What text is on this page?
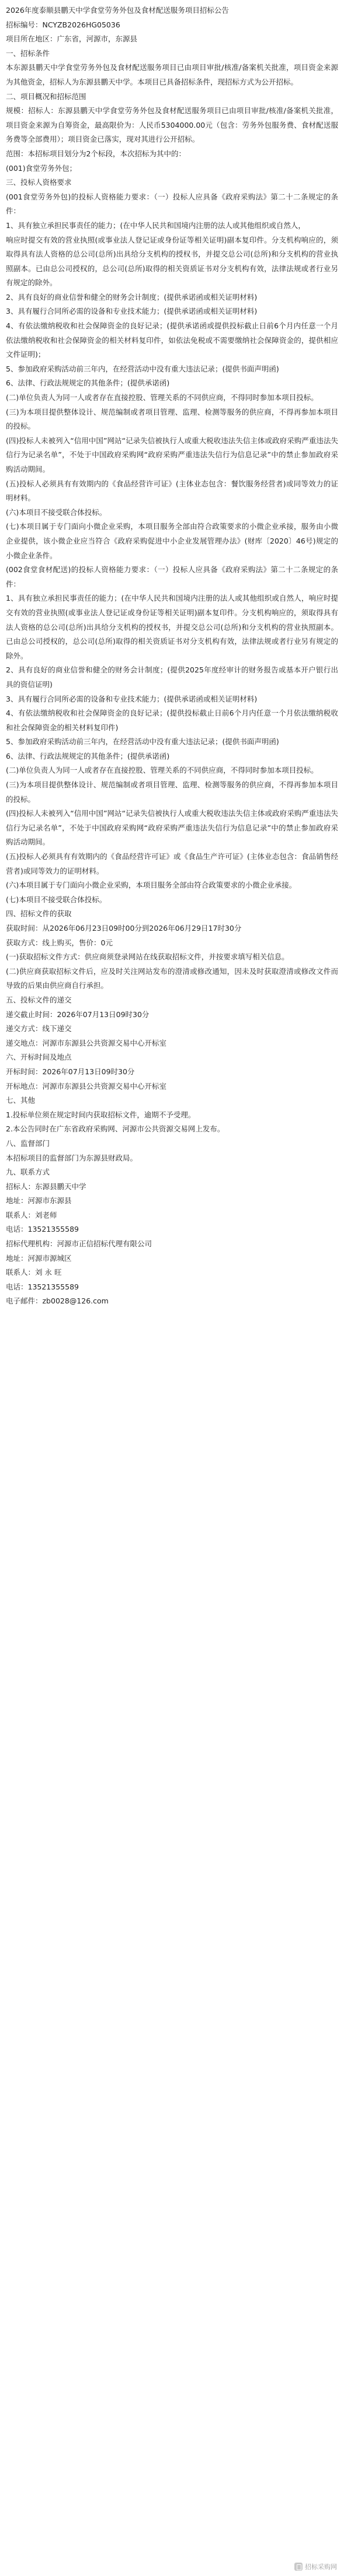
2026年度泰顺县鹏天中学食堂劳务外包及食材配送服务项目招标公告

招标编号：NCYZB2026HG05036

项目所在地区：广东省，河源市，东源县

一、招标条件

本东源县鹏天中学食堂劳务外包及食材配送服务项目已由项目审批/核准/备案机关批准，项目资金来源为其他资金，招标人为东源县鹏天中学。本项目已具备招标条件，现招标方式为公开招标。

二、项目概况和招标范围

规模：招标人：东源县鹏天中学食堂劳务外包及食材配送服务项目已由项目审批/核准/备案机关批准，项目资金来源为自筹资金，最高限价为：人民币5304000.00元（包含：劳务外包服务费、食材配送服务费等全部费用）；项目资金已落实，现对其进行公开招标。

范围：本招标项目划分为2个标段，本次招标为其中的：

(001)食堂劳务外包；

三、投标人资格要求

(001食堂劳务外包)的投标人资格能力要求：（一）投标人应具备《政府采购法》第二十二条规定的条件：

1、具有独立承担民事责任的能力；(在中华人民共和国境内注册的法人或其他组织或自然人，

响应时提交有效的营业执照(或事业法人登记证或身份证等相关证明)副本复印件。分支机构响应的，须取得具有法人资格的总公司(总所)出具给分支机构的授权书，并提交总公司(总所)和分支机构的营业执照副本。已由总公司授权的，总公司(总所)取得的相关资质证书对分支机构有效，法律法规或者行业另有规定的除外。

2、具有良好的商业信誉和健全的财务会计制度；(提供承诺函或相关证明材料)

3、具有履行合同所必需的设备和专业技术能力；(提供承诺函或相关证明材料)

4、有依法缴纳税收和社会保障资金的良好记录；(提供承诺函或提供投标截止日前6个月内任意一个月依法缴纳税收和社会保障资金的相关材料复印件，如依法免税或不需要缴纳社会保障资金的，提供相应文件证明)；

5、参加政府采购活动前三年内，在经营活动中没有重大违法记录；(提供书面声明函)

6、法律、行政法规规定的其他条件；(提供承诺函)

(二)单位负责人为同一人或者存在直接控股、管理关系的不同供应商，不得同时参加本项目投标。

(三)为本项目提供整体设计、规范编制或者项目管理、监理、检测等服务的供应商，不得再参加本项目的投标。

(四)投标人未被列入“信用中国”网站“记录失信被执行人或重大税收违法失信主体或政府采购严重违法失信行为记录名单”，不处于中国政府采购网“政府采购严重违法失信行为信息记录”中的禁止参加政府采购活动期间。

(五)投标人必须具有有效期内的《食品经营许可证》(主体业态包含：餐饮服务经营者)或同等效力的证明材料。

(六)本项目不接受联合体投标。

(七)本项目属于专门面向小微企业采购，本项目服务全部由符合政策要求的小微企业承接，服务由小微企业提供，该小微企业应当符合《政府采购促进中小企业发展管理办法》(财库〔2020〕46号)规定的小微企业条件。

(002食堂食材配送)的投标人资格能力要求：（一）投标人应具备《政府采购法》第二十二条规定的条件：

1、具有独立承担民事责任的能力；(在中华人民共和国境内注册的法人或其他组织或自然人，响应时提交有效的营业执照(或事业法人登记证或身份证等相关证明)副本复印件。分支机构响应的，须取得具有法人资格的总公司(总所)出具给分支机构的授权书，并提交总公司(总所)和分支机构的营业执照副本。已由总公司授权的，总公司(总所)取得的相关资质证书对分支机构有效，法律法规或者行业另有规定的除外。

2、具有良好的商业信誉和健全的财务会计制度；(提供2025年度经审计的财务报告或基本开户银行出具的资信证明)

3、具有履行合同所必需的设备和专业技术能力；(提供承诺函或相关证明材料)

4、有依法缴纳税收和社会保障资金的良好记录；(提供投标截止日前6个月内任意一个月依法缴纳税收和社会保障资金的相关材料复印件)

5、参加政府采购活动前三年内，在经营活动中没有重大违法记录；(提供书面声明函)

6、法律、行政法规规定的其他条件；(提供承诺函)

(二)单位负责人为同一人或者存在直接控股、管理关系的不同供应商，不得同时参加本项目投标。

(三)为本项目提供整体设计、规范编制或者项目管理、监理、检测等服务的供应商，不得再参加本项目的投标。

(四)投标人未被列入“信用中国”网站“记录失信被执行人或重大税收违法失信主体或政府采购严重违法失信行为记录名单”，不处于中国政府采购网“政府采购严重违法失信行为信息记录”中的禁止参加政府采购活动期间。

(五)投标人必须具有有效期内的《食品经营许可证》或《食品生产许可证》(主体业态包含：食品销售经营者)或同等效力的证明材料。

(六)本项目属于专门面向小微企业采购，本项目服务全部由符合政策要求的小微企业承接。

(七)本项目不接受联合体投标。

四、招标文件的获取

获取时间：从2026年06月23日09时00分到2026年06月29日17时30分

获取方式：线上购买，售价：0元

(一)获取招标文件方式：供应商须登录网站在线获取招标文件，并按要求填写相关信息。

(二)供应商获取招标文件后，应及时关注网站发布的澄清或修改通知，因未及时获取澄清或修改文件而导致的后果由供应商自行承担。

五、投标文件的递交

递交截止时间：2026年07月13日09时30分

递交方式：线下递交

递交地点：河源市东源县公共资源交易中心开标室

六、开标时间及地点

开标时间：2026年07月13日09时30分

开标地点：河源市东源县公共资源交易中心开标室

七、其他

1.投标单位须在规定时间内获取招标文件，逾期不予受理。

2.本公告同时在广东省政府采购网、河源市公共资源交易网上发布。

八、监督部门

本招标项目的监督部门为东源县财政局。

九、联系方式

招标人：东源县鹏天中学

地址：河源市东源县

联系人：刘老师

电话：13521355589

招标代理机构：河源市正信招标代理有限公司

地址：河源市源城区

联系人：刘 永 旺

电话：13521355589

电子邮件：zb0028@126.com

招标采购网
